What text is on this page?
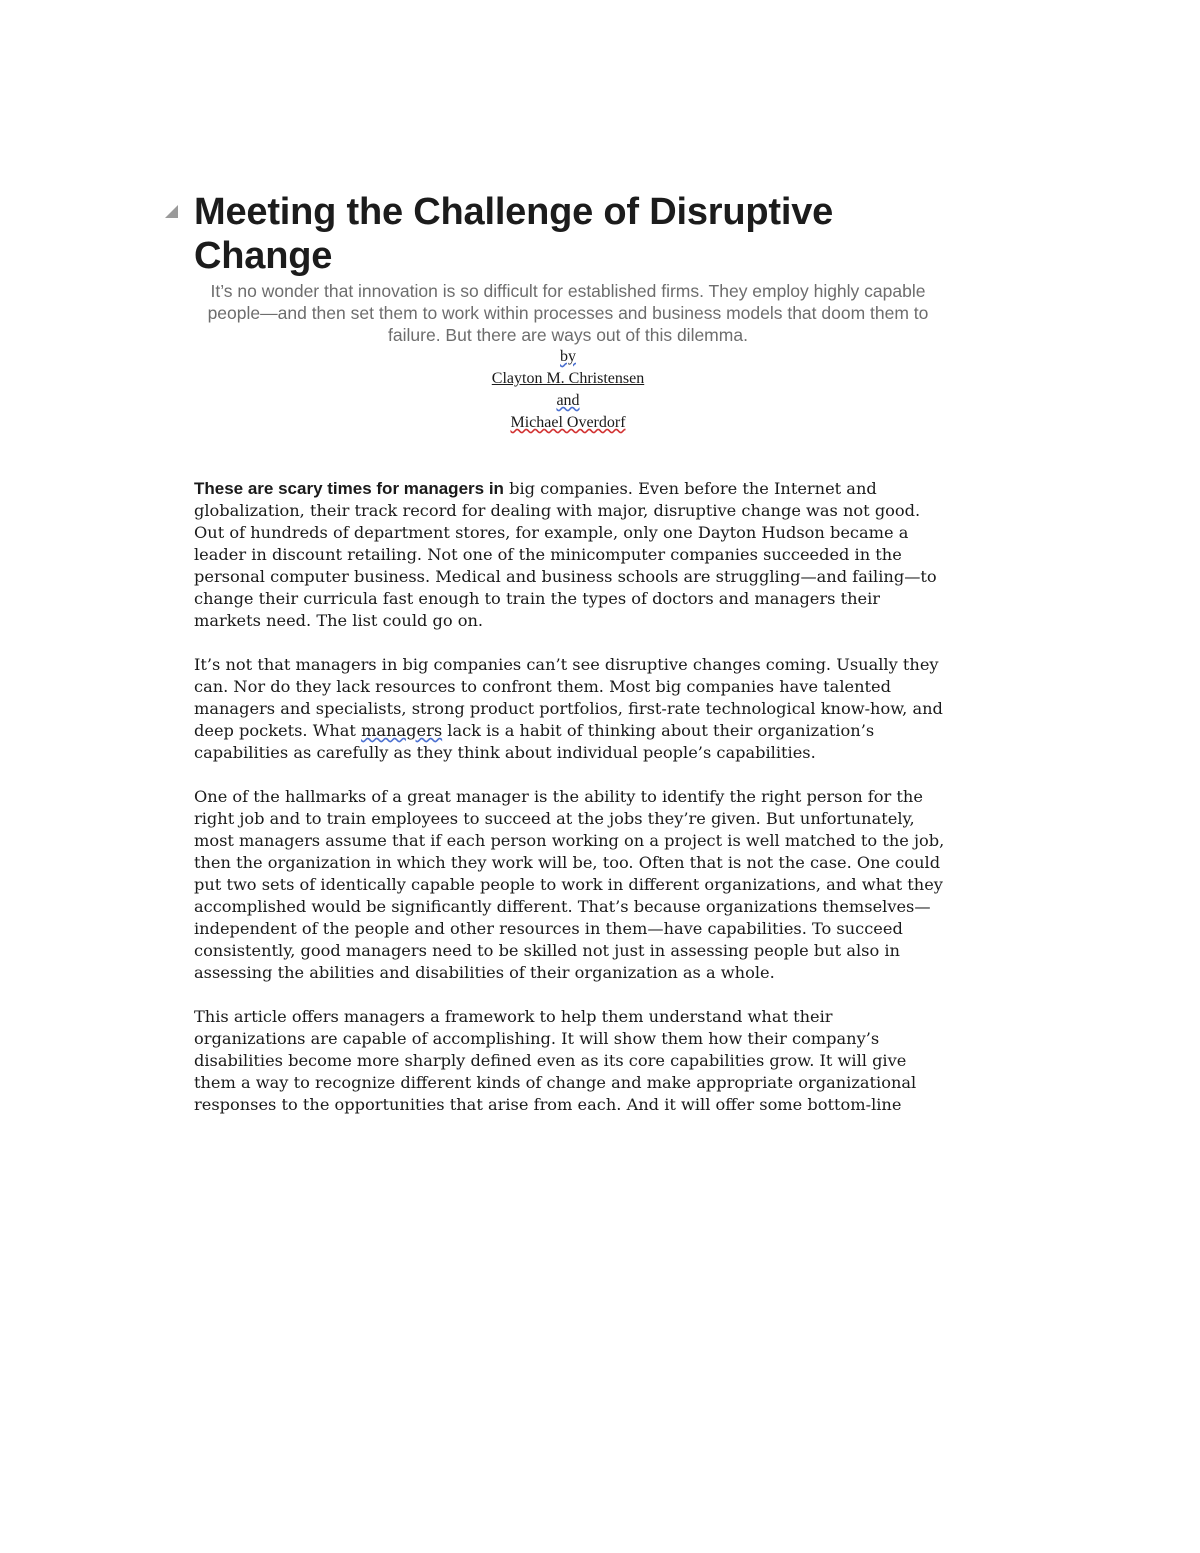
Meeting the Challenge of Disruptive Change

It’s no wonder that innovation is so difficult for established firms. They employ highly capable people—and then set them to work within processes and business models that doom them to failure. But there are ways out of this dilemma.

by
Clayton M. Christensen
and
Michael Overdorf

These are scary times for managers in big companies. Even before the Internet and globalization, their track record for dealing with major, disruptive change was not good. Out of hundreds of department stores, for example, only one Dayton Hudson became a leader in discount retailing. Not one of the minicomputer companies succeeded in the personal computer business. Medical and business schools are struggling—and failing—to change their curricula fast enough to train the types of doctors and managers their markets need. The list could go on.

It’s not that managers in big companies can’t see disruptive changes coming. Usually they can. Nor do they lack resources to confront them. Most big companies have talented managers and specialists, strong product portfolios, first-rate technological know-how, and deep pockets. What managers lack is a habit of thinking about their organization’s capabilities as carefully as they think about individual people’s capabilities.

One of the hallmarks of a great manager is the ability to identify the right person for the right job and to train employees to succeed at the jobs they’re given. But unfortunately, most managers assume that if each person working on a project is well matched to the job, then the organization in which they work will be, too. Often that is not the case. One could put two sets of identically capable people to work in different organizations, and what they accomplished would be significantly different. That’s because organizations themselves—independent of the people and other resources in them—have capabilities. To succeed consistently, good managers need to be skilled not just in assessing people but also in assessing the abilities and disabilities of their organization as a whole.

This article offers managers a framework to help them understand what their organizations are capable of accomplishing. It will show them how their company’s disabilities become more sharply defined even as its core capabilities grow. It will give them a way to recognize different kinds of change and make appropriate organizational responses to the opportunities that arise from each. And it will offer some bottom-line
